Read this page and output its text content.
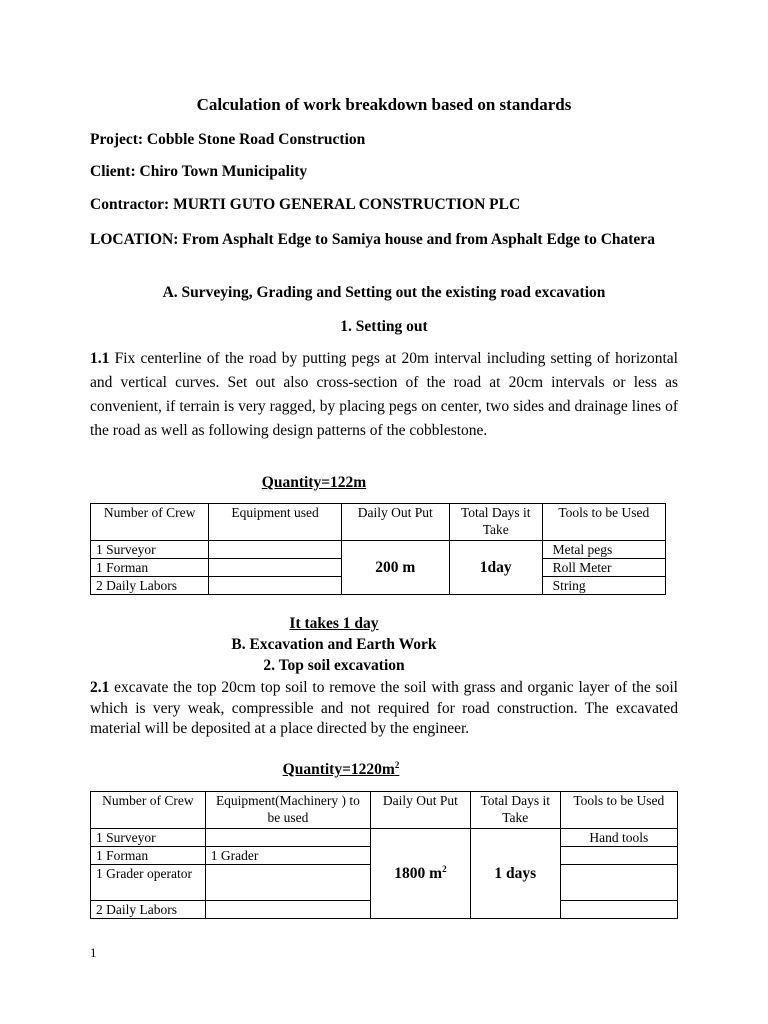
Calculation of work breakdown based on standards
Project: Cobble Stone Road Construction
Client: Chiro Town Municipality
Contractor: MURTI GUTO GENERAL CONSTRUCTION PLC
LOCATION: From Asphalt Edge to Samiya house and from Asphalt Edge to Chatera
A. Surveying, Grading and Setting out the existing road excavation
1. Setting out
1.1 Fix centerline of the road by putting pegs at 20m interval including setting of horizontal and vertical curves. Set out also cross-section of the road at 20cm intervals or less as convenient, if terrain is very ragged, by placing pegs on center, two sides and drainage lines of the road as well as following design patterns of the cobblestone.
Quantity=122m
Number of Crew	Equipment used	Daily Out Put	Total Days it Take	Tools to be Used
1 Surveyor		200 m	1day	Metal pegs
1 Forman				Roll Meter
2 Daily Labors				String
It takes 1 day
B. Excavation and Earth Work
2. Top soil excavation
2.1 excavate the top 20cm top soil to remove the soil with grass and organic layer of the soil which is very weak, compressible and not required for road construction. The excavated material will be deposited at a place directed by the engineer.
$Quantity=1220m^2$
Number of Crew	Equipment(Machinery ) to be used	Daily Out Put	Total Days it Take	Tools to be Used
1 Surveyor		1800 $m^2$	1 days	Hand tools
1 Forman	1 Grader			
1 Grader operator				
2 Daily Labors				
1
